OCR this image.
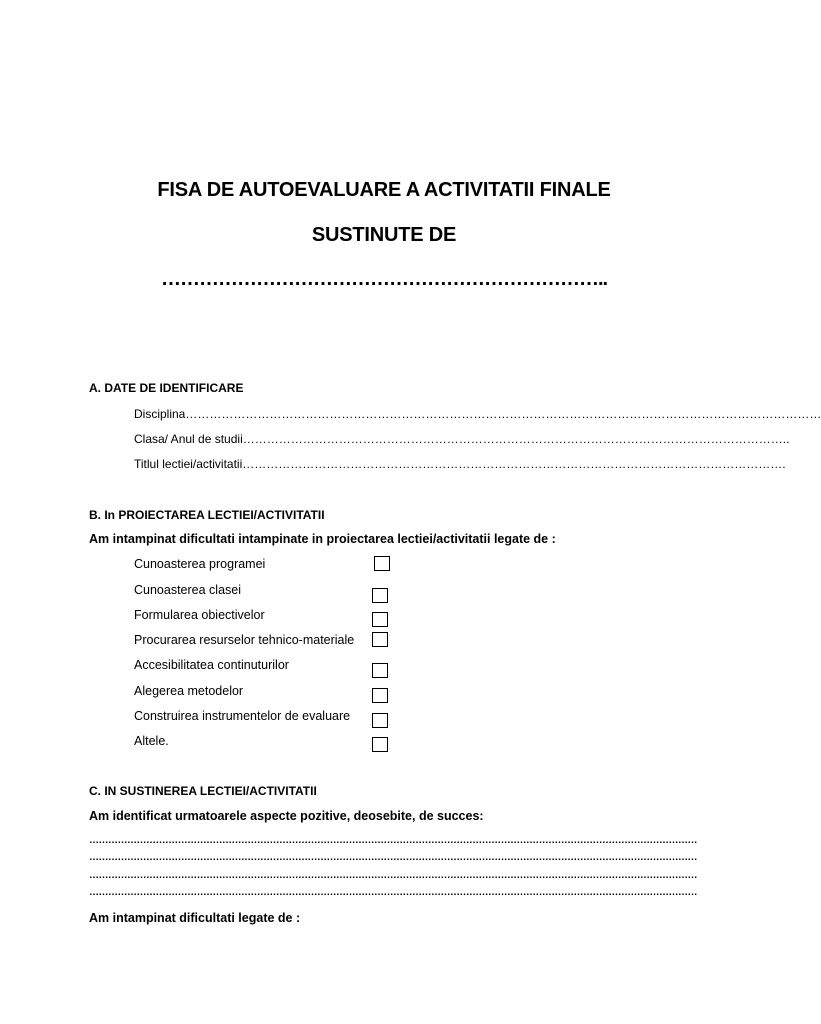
FISA DE AUTOEVALUARE A ACTIVITATII FINALE
SUSTINUTE DE
……………………………………………………………..
A. DATE DE IDENTIFICARE
Disciplina……………………………………………………………………………………………………………………………………………
Clasa/ Anul de studii………………………………………………………………………………………………………………………..
Titlul lectiei/activitatii……………………………………………………………………………………………………………………….
B. In PROIECTAREA LECTIEI/ACTIVITATII
Am intampinat dificultati intampinate in proiectarea lectiei/activitatii legate de :
Cunoasterea programei
Cunoasterea clasei
Formularea obiectivelor
Procurarea resurselor tehnico-materiale
Accesibilitatea continuturilor
Alegerea metodelor
Construirea instrumentelor de evaluare
Altele.
C. IN SUSTINEREA LECTIEI/ACTIVITATII
Am identificat urmatoarele aspecte pozitive, deosebite, de succes:
…………………………………………………………………………………………………………………………………………………………………………
…………………………………………………………………………………………………………………………………………………………………………
…………………………………………………………………………………………………………………………………………………………………………
…………………………………………………………………………………………………………………………………………………………………………
Am intampinat dificultati legate de :
